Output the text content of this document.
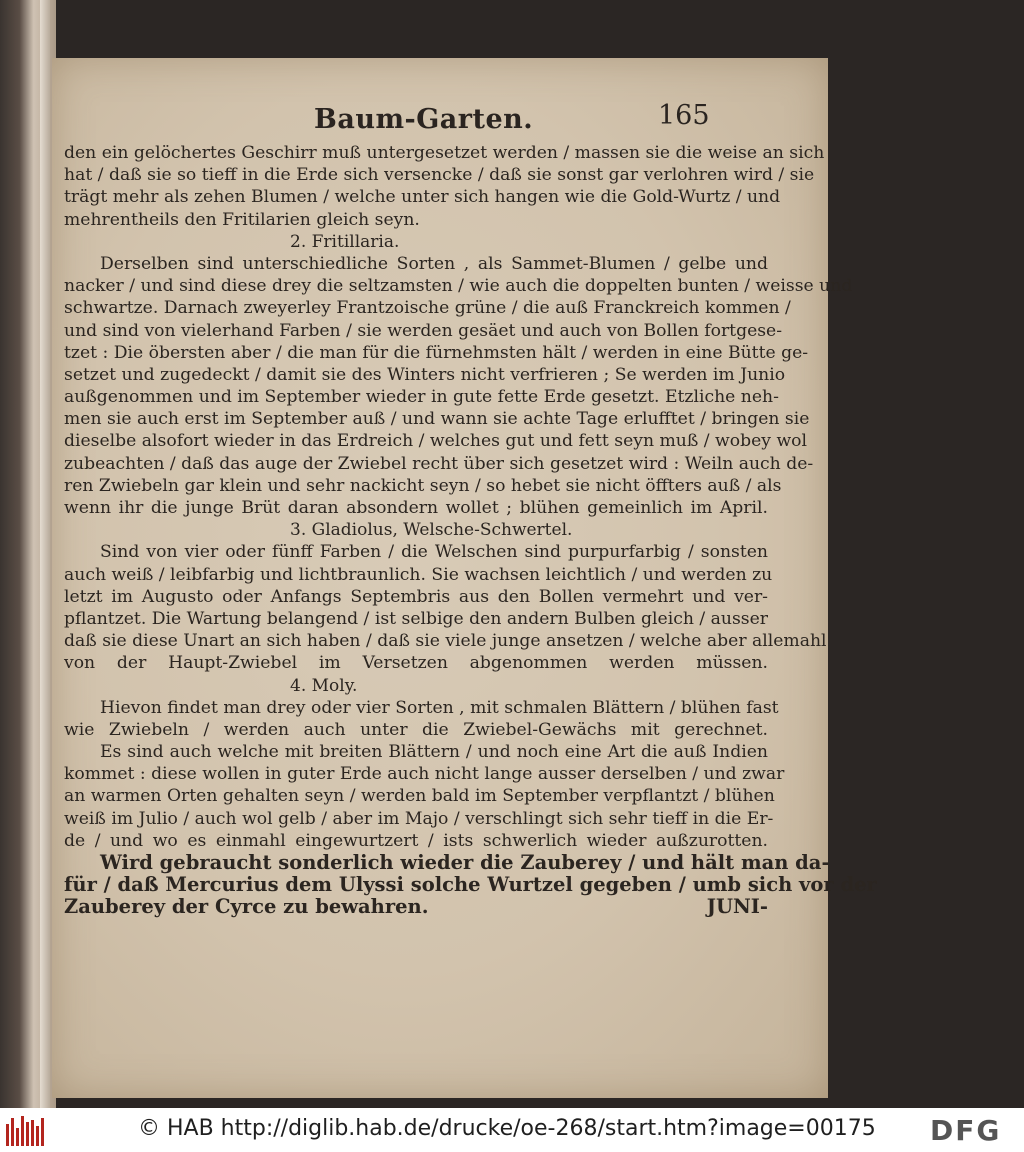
Baum-Garten.	165
den ein gelöchertes Geschirr muß untergesetzet werden / massen sie die weise an sich
hat / daß sie so tieff in die Erde sich versencke / daß sie sonst gar verlohren wird / sie
trägt mehr als zehen Blumen / welche unter sich hangen wie die Gold-Wurtz / und
mehrentheils den Fritilarien gleich seyn.
2. Fritillaria.
Derselben sind unterschiedliche Sorten , als Sammet-Blumen / gelbe und
nacker / und sind diese drey die seltzamsten / wie auch die doppelten bunten / weisse und
schwartze. Darnach zweyerley Frantzoische grüne / die auß Franckreich kommen /
und sind von vielerhand Farben / sie werden gesäet und auch von Bollen fortgese-
tzet : Die öbersten aber / die man für die fürnehmsten hält / werden in eine Bütte ge-
setzet und zugedeckt / damit sie des Winters nicht verfrieren ; Se werden im Junio
außgenommen und im September wieder in gute fette Erde gesetzt. Etzliche neh-
men sie auch erst im September auß / und wann sie achte Tage erlufftet / bringen sie
dieselbe alsofort wieder in das Erdreich / welches gut und fett seyn muß / wobey wol
zubeachten / daß das auge der Zwiebel recht über sich gesetzet wird : Weiln auch de-
ren Zwiebeln gar klein und sehr nackicht seyn / so hebet sie nicht öffters auß / als
wenn ihr die junge Brüt daran absondern wollet ; blühen gemeinlich im April.
3. Gladiolus, Welsche-Schwertel.
Sind von vier oder fünff Farben / die Welschen sind purpurfarbig / sonsten
auch weiß / leibfarbig und lichtbraunlich. Sie wachsen leichtlich / und werden zu
letzt im Augusto oder Anfangs Septembris aus den Bollen vermehrt und ver-
pflantzet. Die Wartung belangend / ist selbige den andern Bulben gleich / ausser
daß sie diese Unart an sich haben / daß sie viele junge ansetzen / welche aber allemahl
von der Haupt-Zwiebel im Versetzen abgenommen werden müssen.
4. Moly.
Hievon findet man drey oder vier Sorten , mit schmalen Blättern / blühen fast
wie Zwiebeln / werden auch unter die Zwiebel-Gewächs mit gerechnet.
Es sind auch welche mit breiten Blättern / und noch eine Art die auß Indien
kommet : diese wollen in guter Erde auch nicht lange ausser derselben / und zwar
an warmen Orten gehalten seyn / werden bald im September verpflantzt / blühen
weiß im Julio / auch wol gelb / aber im Majo / verschlingt sich sehr tieff in die Er-
de / und wo es einmahl eingewurtzert / ists schwerlich wieder außzurotten.
Wird gebraucht sonderlich wieder die Zauberey / und hält man da-
für / daß Mercurius dem Ulyssi solche Wurtzel gegeben / umb sich vor der
Zauberey der Cyrce zu bewahren.	JUNI-
© HAB http://diglib.hab.de/drucke/oe-268/start.htm?image=00175 DFG
